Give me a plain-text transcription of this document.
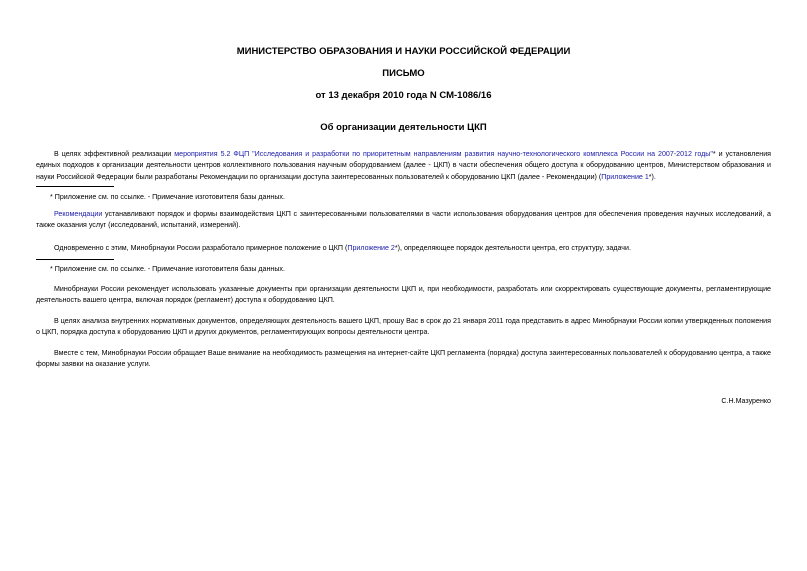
МИНИСТЕРСТВО ОБРАЗОВАНИЯ И НАУКИ РОССИЙСКОЙ ФЕДЕРАЦИИ
ПИСЬМО
от 13 декабря 2010 года N СМ-1086/16
Об организации деятельности ЦКП

В целях эффективной реализации мероприятия 5.2 ФЦП "Исследования и разработки по приоритетным направлениям развития научно-технологического комплекса России на 2007-2012 годы"* и установления единых подходов к организации деятельности центров коллективного пользования научным оборудованием (далее - ЦКП) в части обеспечения общего доступа к оборудованию центров, Министерством образования и науки Российской Федерации были разработаны Рекомендации по организации доступа заинтересованных пользователей к оборудованию ЦКП (далее - Рекомендации) (Приложение 1*).

* Приложение см. по ссылке. - Примечание изготовителя базы данных.

Рекомендации устанавливают порядок и формы взаимодействия ЦКП с заинтересованными пользователями в части использования оборудования центров для обеспечения проведения научных исследований, а также оказания услуг (исследований, испытаний, измерений).

Одновременно с этим, Минобрнауки России разработало примерное положение о ЦКП (Приложение 2*), определяющее порядок деятельности центра, его структуру, задачи.

* Приложение см. по ссылке. - Примечание изготовителя базы данных.

Минобрнауки России рекомендует использовать указанные документы при организации деятельности ЦКП и, при необходимости, разработать или скорректировать существующие документы, регламентирующие деятельность вашего центра, включая порядок (регламент) доступа к оборудованию ЦКП.

В целях анализа внутренних нормативных документов, определяющих деятельность вашего ЦКП, прошу Вас в срок до 21 января 2011 года представить в адрес Минобрнауки России копии утвержденных положения о ЦКП, порядка доступа к оборудованию ЦКП и других документов, регламентирующих вопросы деятельности центра.

Вместе с тем, Минобрнауки России обращает Ваше внимание на необходимость размещения на интернет-сайте ЦКП регламента (порядка) доступа заинтересованных пользователей к оборудованию центра, а также формы заявки на оказание услуги.

С.Н.Мазуренко
